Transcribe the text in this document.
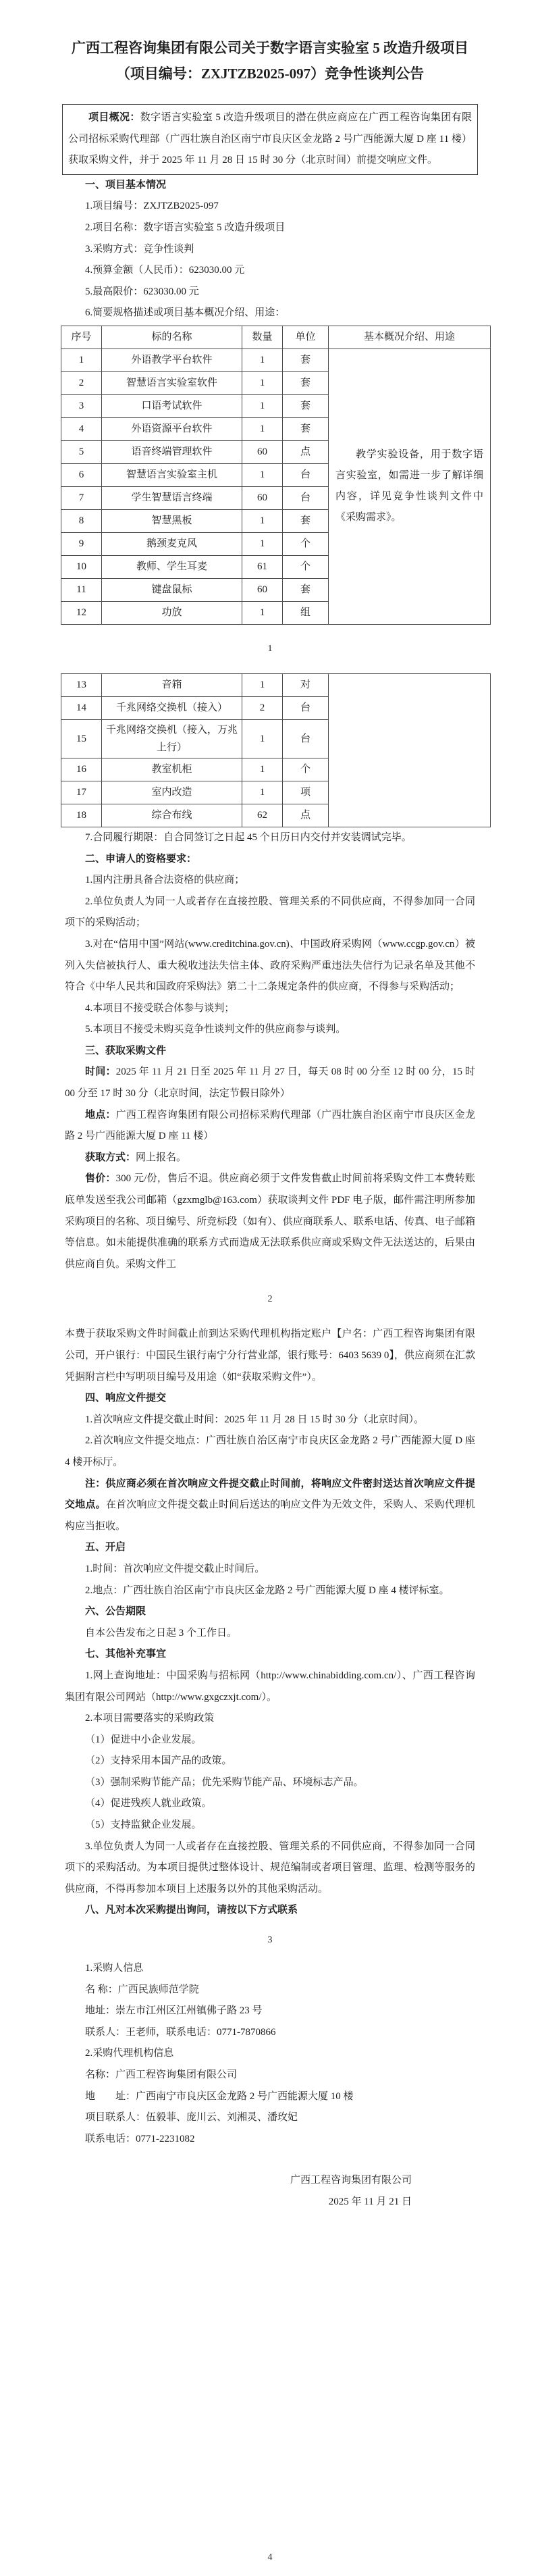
广西工程咨询集团有限公司关于数字语言实验室 5 改造升级项目
（项目编号：ZXJTZB2025-097）竞争性谈判公告

项目概况：数字语言实验室 5 改造升级项目的潜在供应商应在广西工程咨询集团有限公司招标采购代理部（广西壮族自治区南宁市良庆区金龙路 2 号广西能源大厦 D 座 11 楼）获取采购文件，并于 2025 年 11 月 28 日 15 时 30 分（北京时间）前提交响应文件。

一、项目基本情况

1.项目编号：ZXJTZB2025-097

2.项目名称：数字语言实验室 5 改造升级项目

3.采购方式：竞争性谈判

4.预算金额（人民币）：623030.00 元

5.最高限价：623030.00 元

6.简要规格描述或项目基本概况介绍、用途：

序号	标的名称	数量	单位	基本概况介绍、用途
1	外语教学平台软件	1	套	教学实验设备，用于数字语言实验室，如需进一步了解详细内容，详见竞争性谈判文件中《采购需求》。
2	智慧语言实验室软件	1	套	
3	口语考试软件	1	套	
4	外语资源平台软件	1	套	
5	语音终端管理软件	60	点	
6	智慧语言实验室主机	1	台	
7	学生智慧语言终端	60	台	
8	智慧黑板	1	套	
9	鹅颈麦克风	1	个	
10	教师、学生耳麦	61	个	
11	键盘鼠标	60	套	
12	功放	1	组	
1
13	音箱	1	对	
14	千兆网络交换机（接入）	2	台	
15	千兆网络交换机（接入，万兆上行）	1	台	
16	教室机柜	1	个	
17	室内改造	1	项	
18	综合布线	62	点	

7.合同履行期限：自合同签订之日起 45 个日历日内交付并安装调试完毕。

二、申请人的资格要求：

1.国内注册具备合法资格的供应商；

2.单位负责人为同一人或者存在直接控股、管理关系的不同供应商，不得参加同一合同项下的采购活动；

3.对在“信用中国”网站(www.creditchina.gov.cn)、中国政府采购网（www.ccgp.gov.cn）被列入失信被执行人、重大税收违法失信主体、政府采购严重违法失信行为记录名单及其他不符合《中华人民共和国政府采购法》第二十二条规定条件的供应商，不得参与采购活动；

4.本项目不接受联合体参与谈判；

5.本项目不接受未购买竞争性谈判文件的供应商参与谈判。

三、获取采购文件

时间：2025 年 11 月 21 日至 2025 年 11 月 27 日，每天 08 时 00 分至 12 时 00 分，15 时 00 分至 17 时 30 分（北京时间，法定节假日除外）

地点：广西工程咨询集团有限公司招标采购代理部（广西壮族自治区南宁市良庆区金龙路 2 号广西能源大厦 D 座 11 楼）

获取方式：网上报名。

售价：300 元/份，售后不退。供应商必须于文件发售截止时间前将采购文件工本费转账底单发送至我公司邮箱（gzxmglb@163.com）获取谈判文件 PDF 电子版，邮件需注明所参加采购项目的名称、项目编号、所竞标段（如有）、供应商联系人、联系电话、传真、电子邮箱等信息。如未能提供准确的联系方式而造成无法联系供应商或采购文件无法送达的，后果由供应商自负。采购文件工

2

本费于获取采购文件时间截止前到达采购代理机构指定账户【户名：广西工程咨询集团有限公司，开户银行：中国民生银行南宁分行营业部，银行账号：6403 5639 0】，供应商须在汇款凭据附言栏中写明项目编号及用途（如“获取采购文件”）。

四、响应文件提交

1.首次响应文件提交截止时间：2025 年 11 月 28 日 15 时 30 分（北京时间）。

2.首次响应文件提交地点：广西壮族自治区南宁市良庆区金龙路 2 号广西能源大厦 D 座 4 楼开标厅。

注：供应商必须在首次响应文件提交截止时间前，将响应文件密封送达首次响应文件提交地点。在首次响应文件提交截止时间后送达的响应文件为无效文件，采购人、采购代理机构应当拒收。

五、开启

1.时间：首次响应文件提交截止时间后。

2.地点：广西壮族自治区南宁市良庆区金龙路 2 号广西能源大厦 D 座 4 楼评标室。

六、公告期限

自本公告发布之日起 3 个工作日。

七、其他补充事宜

1.网上查询地址：中国采购与招标网（http://www.chinabidding.com.cn/）、广西工程咨询集团有限公司网站（http://www.gxgczxjt.com/）。

2.本项目需要落实的采购政策

（1）促进中小企业发展。

（2）支持采用本国产品的政策。

（3）强制采购节能产品；优先采购节能产品、环境标志产品。

（4）促进残疾人就业政策。

（5）支持监狱企业发展。

3.单位负责人为同一人或者存在直接控股、管理关系的不同供应商，不得参加同一合同项下的采购活动。为本项目提供过整体设计、规范编制或者项目管理、监理、检测等服务的供应商，不得再参加本项目上述服务以外的其他采购活动。

八、凡对本次采购提出询问，请按以下方式联系

3

1.采购人信息

名 称：广西民族师范学院

地址：崇左市江州区江州镇佛子路 23 号

联系人：王老师，联系电话：0771-7870866

2.采购代理机构信息

名称：广西工程咨询集团有限公司

地　　址：广西南宁市良庆区金龙路 2 号广西能源大厦 10 楼

项目联系人：伍毅菲、庞川云、刘湘灵、潘玫妃

联系电话：0771-2231082

广西工程咨询集团有限公司

2025 年 11 月 21 日

4
